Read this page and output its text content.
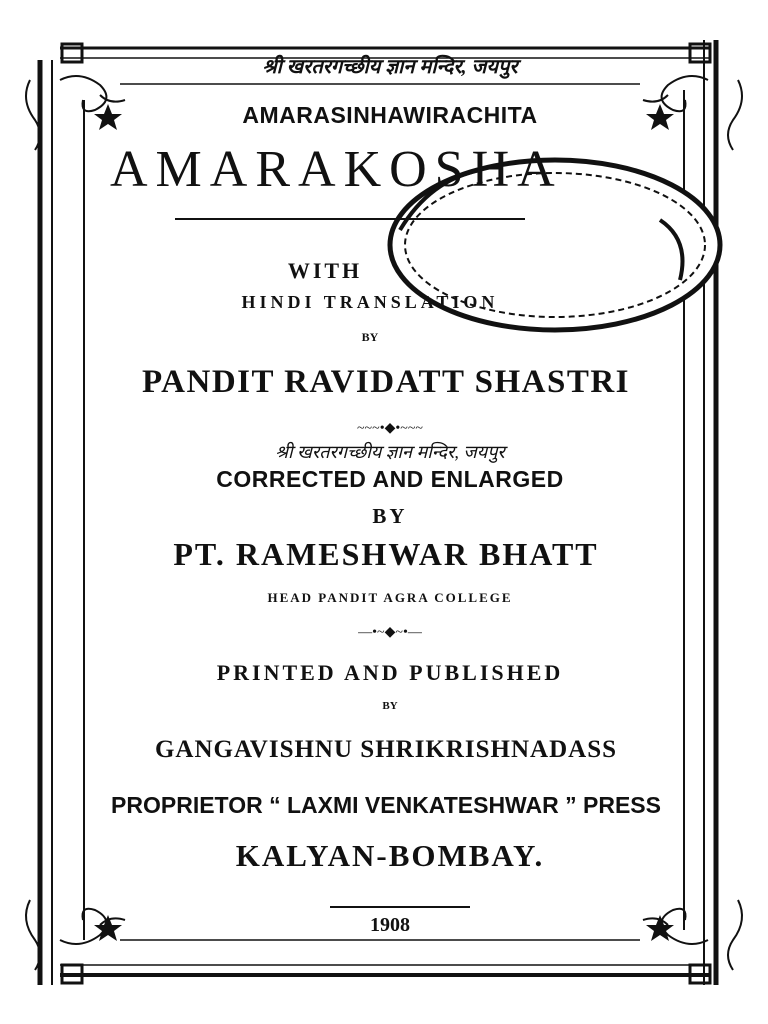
श्री खरतरगच्छीय ज्ञान मन्दिर, जयपुर
AMARASINHAWIRACHITA
AMARAKOSHA
WITH
HINDI TRANSLATION
BY
PANDIT RAVIDATT SHASTRI
~~~•◆•~~~
श्री खरतरगच्छीय ज्ञान मन्दिर, जयपुर
CORRECTED AND ENLARGED
BY
PT. RAMESHWAR BHATT
HEAD PANDIT AGRA COLLEGE
—•~◆~•—
PRINTED AND PUBLISHED
BY
GANGAVISHNU SHRIKRISHNADASS
PROPRIETOR “ LAXMI VENKATESHWAR ” PRESS
KALYAN-BOMBAY.
1908
